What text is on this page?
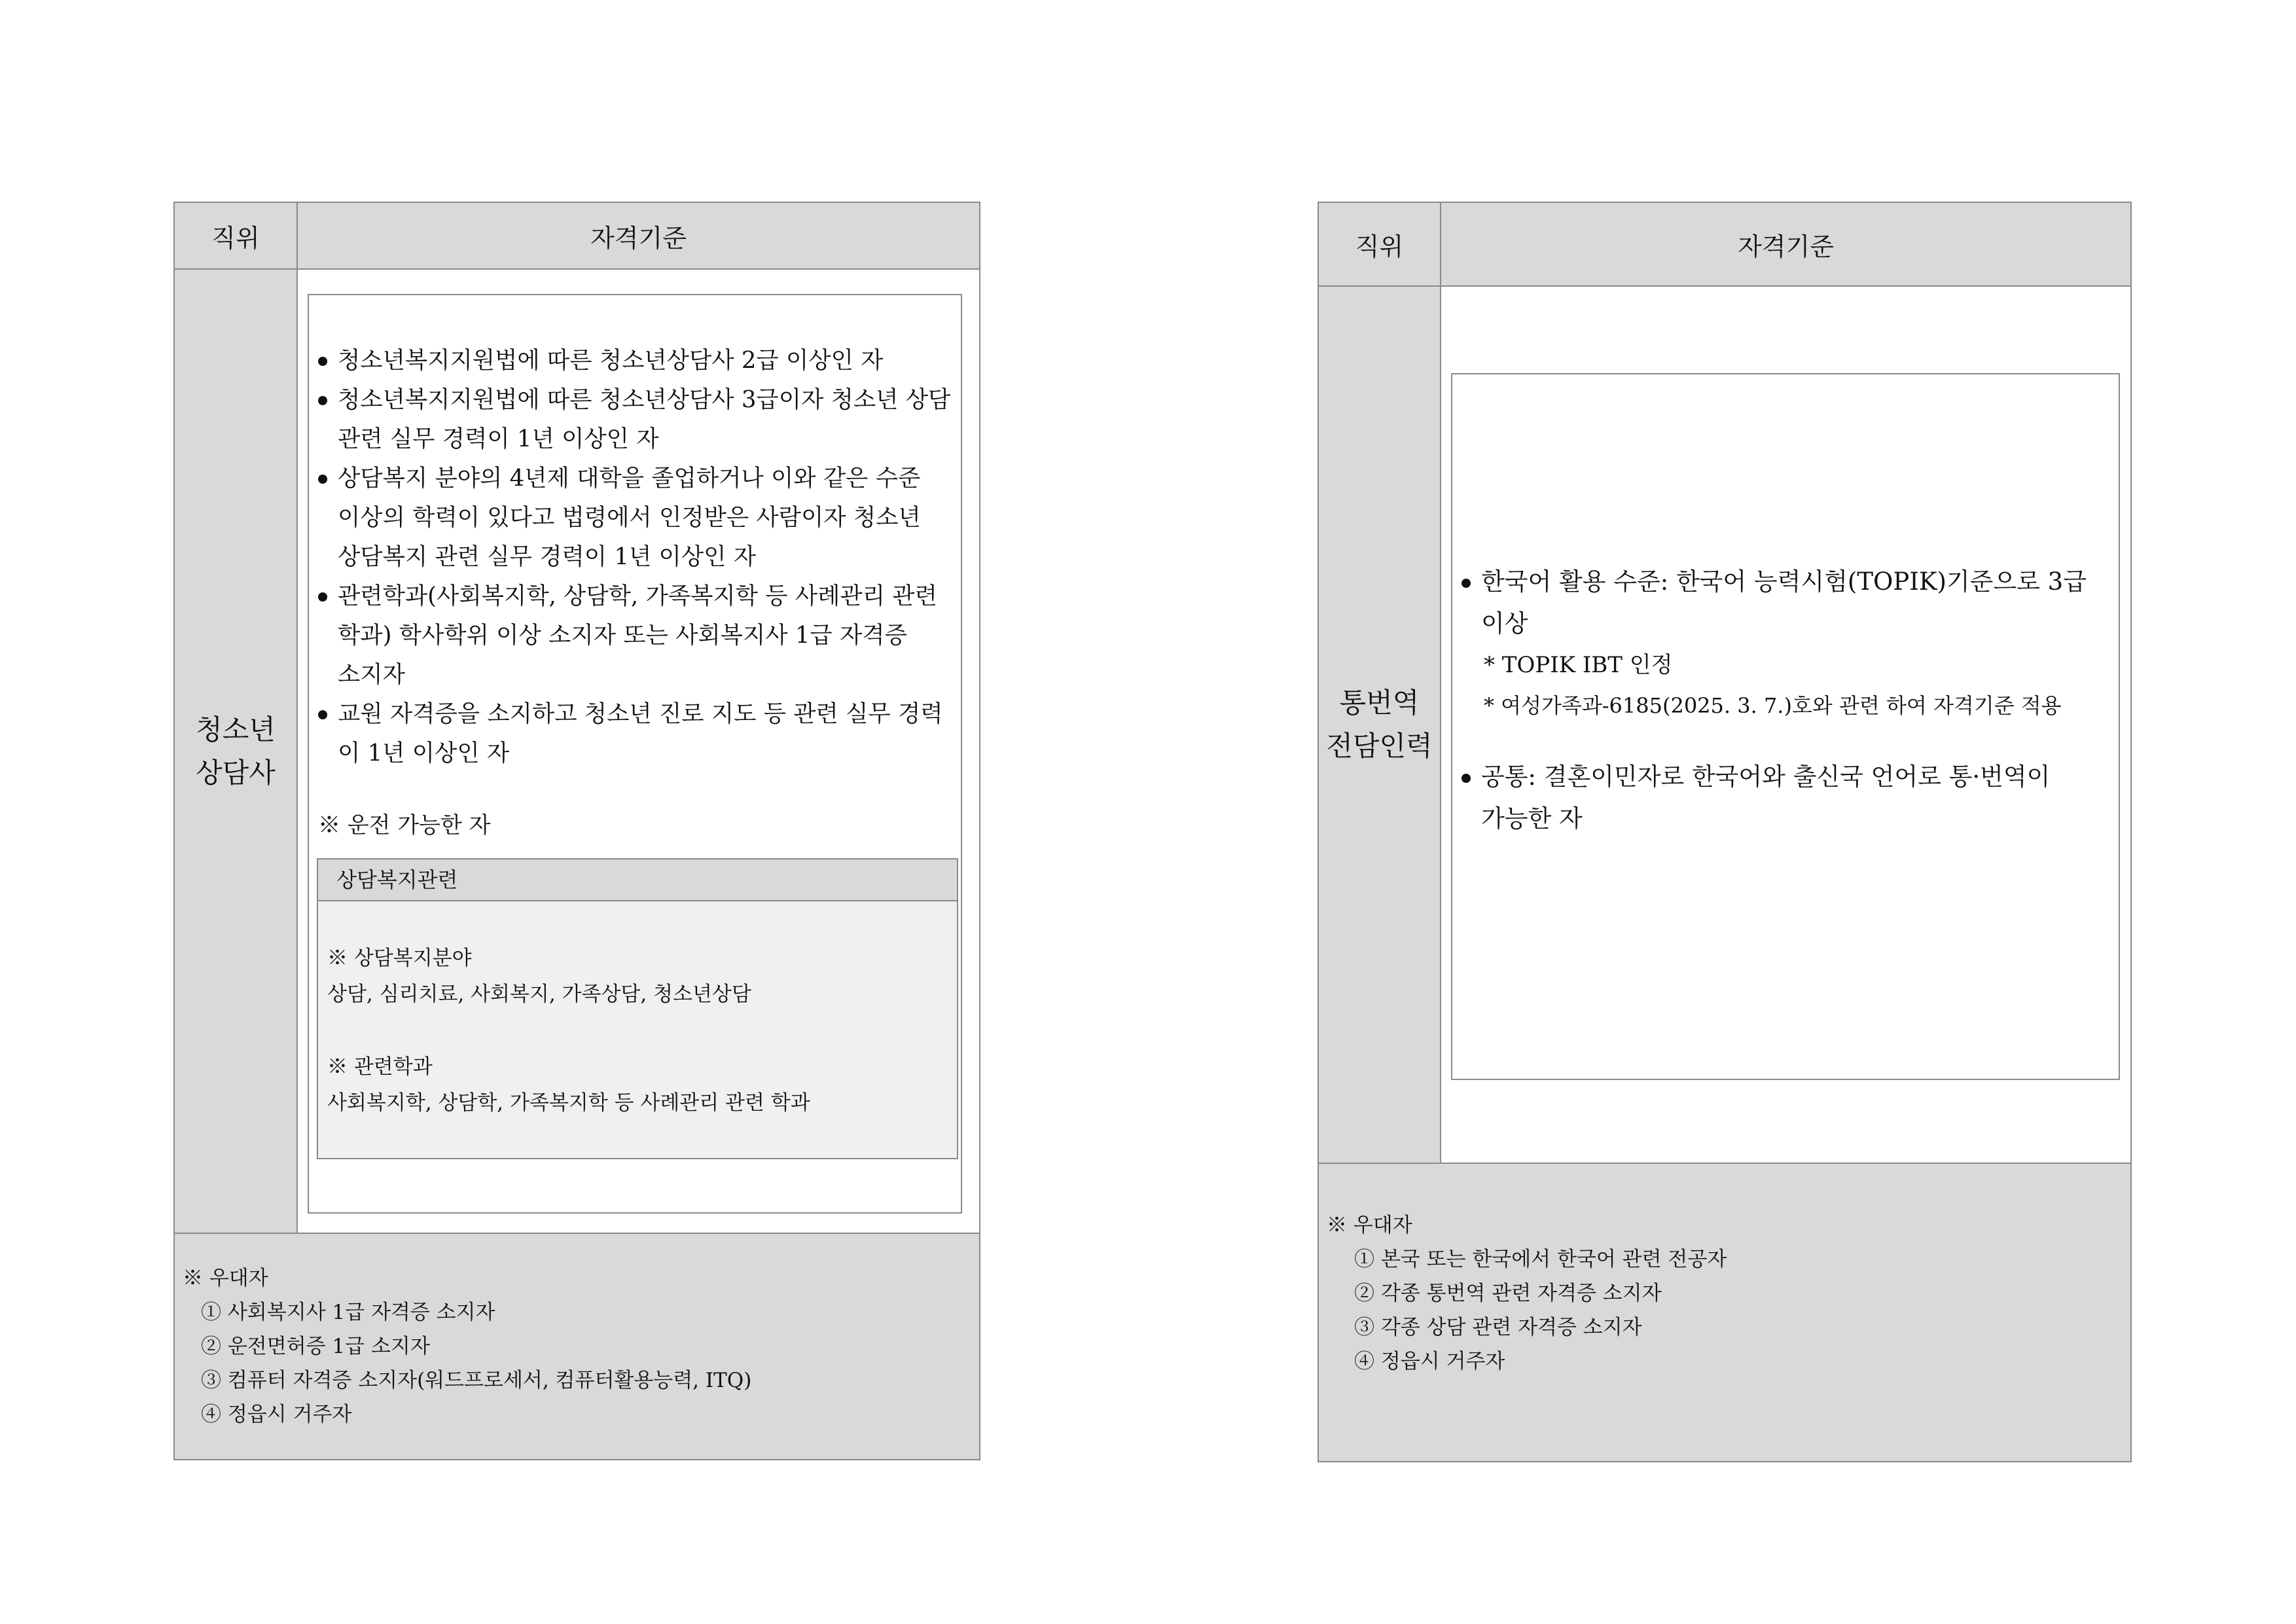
직위	자격기준
청소년
상담사
청소년복지지원법에 따른 청소년상담사 2급 이상인 자
청소년복지지원법에 따른 청소년상담사 3급이자 청소년 상담
관련 실무 경력이 1년 이상인 자
상담복지 분야의 4년제 대학을 졸업하거나 이와 같은 수준
이상의 학력이 있다고 법령에서 인정받은 사람이자 청소년
상담복지 관련 실무 경력이 1년 이상인 자
관련학과(사회복지학, 상담학, 가족복지학 등 사례관리 관련
학과) 학사학위 이상 소지자 또는 사회복지사 1급 자격증
소지자
교원 자격증을 소지하고 청소년 진로 지도 등 관련 실무 경력
이 1년 이상인 자
※ 운전 가능한 자
상담복지관련
※ 상담복지분야
상담, 심리치료, 사회복지, 가족상담, 청소년상담
※ 관련학과
사회복지학, 상담학, 가족복지학 등 사례관리 관련 학과
※ 우대자
① 사회복지사 1급 자격증 소지자
② 운전면허증 1급 소지자
③ 컴퓨터 자격증 소지자(워드프로세서, 컴퓨터활용능력, ITQ)
④ 정읍시 거주자
직위	자격기준
통번역
전담인력
한국어 활용 수준: 한국어 능력시험(TOPIK)기준으로 3급
이상
* TOPIK IBT 인정
* 여성가족과-6185(2025. 3. 7.)호와 관련 하여 자격기준 적용
공통: 결혼이민자로 한국어와 출신국 언어로 통·번역이
가능한 자
※ 우대자
① 본국 또는 한국에서 한국어 관련 전공자
② 각종 통번역 관련 자격증 소지자
③ 각종 상담 관련 자격증 소지자
④ 정읍시 거주자
